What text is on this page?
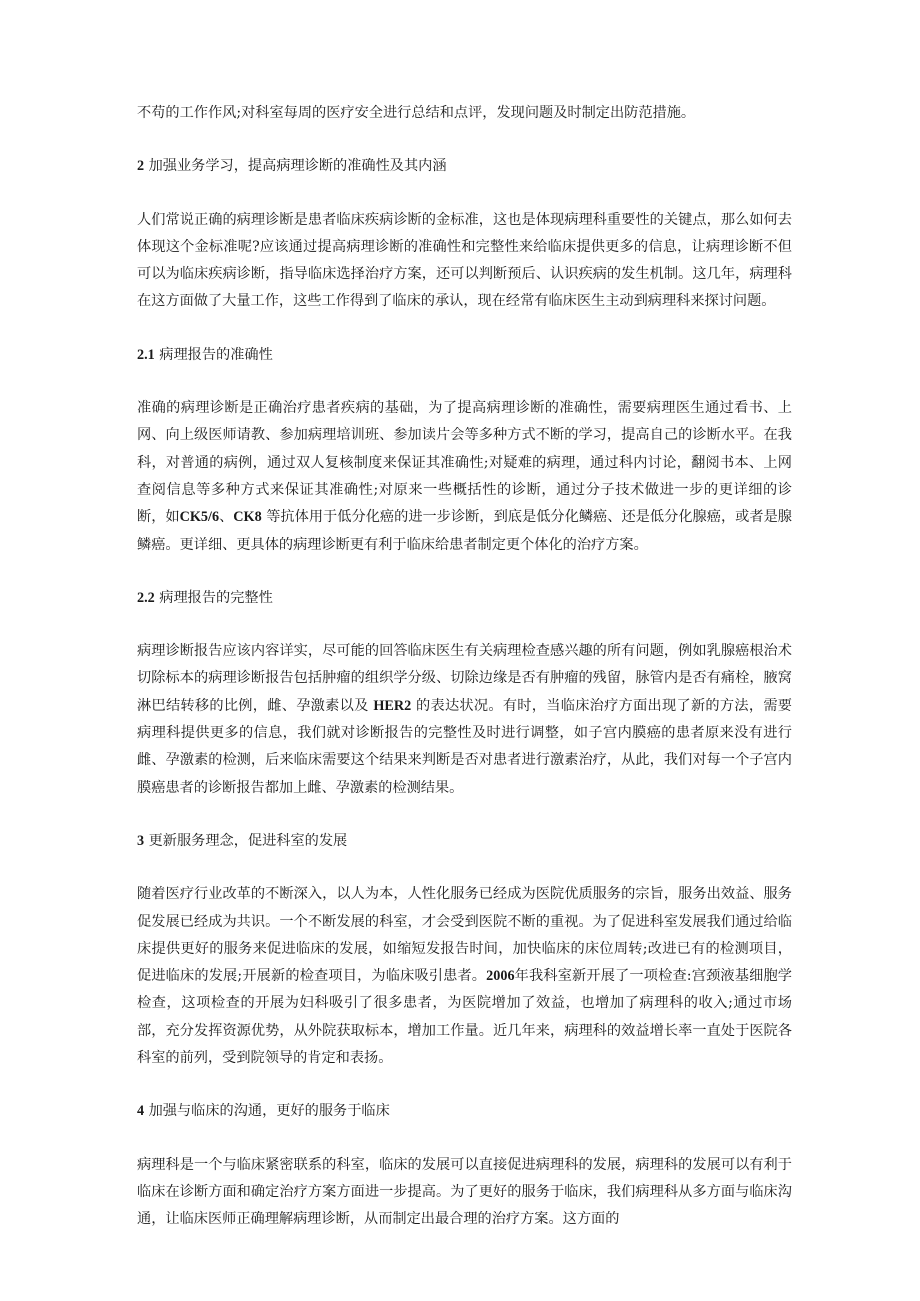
不苟的工作作风;对科室每周的医疗安全进行总结和点评，发现问题及时制定出防范措施。

2 加强业务学习，提高病理诊断的准确性及其内涵

人们常说正确的病理诊断是患者临床疾病诊断的金标准，这也是体现病理科重要性的关键点，那么如何去体现这个金标准呢?应该通过提高病理诊断的准确性和完整性来给临床提供更多的信息，让病理诊断不但可以为临床疾病诊断，指导临床选择治疗方案，还可以判断预后、认识疾病的发生机制。这几年，病理科在这方面做了大量工作，这些工作得到了临床的承认，现在经常有临床医生主动到病理科来探讨问题。

2.1 病理报告的准确性

准确的病理诊断是正确治疗患者疾病的基础，为了提高病理诊断的准确性，需要病理医生通过看书、上网、向上级医师请教、参加病理培训班、参加读片会等多种方式不断的学习，提高自己的诊断水平。在我科，对普通的病例，通过双人复核制度来保证其准确性;对疑难的病理，通过科内讨论，翻阅书本、上网查阅信息等多种方式来保证其准确性;对原来一些概括性的诊断，通过分子技术做进一步的更详细的诊断，如CK5/6、CK8 等抗体用于低分化癌的进一步诊断，到底是低分化鳞癌、还是低分化腺癌，或者是腺鳞癌。更详细、更具体的病理诊断更有利于临床给患者制定更个体化的治疗方案。

2.2 病理报告的完整性

病理诊断报告应该内容详实，尽可能的回答临床医生有关病理检查感兴趣的所有问题，例如乳腺癌根治术切除标本的病理诊断报告包括肿瘤的组织学分级、切除边缘是否有肿瘤的残留，脉管内是否有痛栓，腋窝淋巴结转移的比例，雌、孕激素以及 HER2 的表达状况。有时，当临床治疗方面出现了新的方法，需要病理科提供更多的信息，我们就对诊断报告的完整性及时进行调整，如子宫内膜癌的患者原来没有进行雌、孕激素的检测，后来临床需要这个结果来判断是否对患者进行激素治疗，从此，我们对每一个子宫内膜癌患者的诊断报告都加上雌、孕激素的检测结果。

3 更新服务理念，促进科室的发展

随着医疗行业改革的不断深入，以人为本，人性化服务已经成为医院优质服务的宗旨，服务出效益、服务促发展已经成为共识。一个不断发展的科室，才会受到医院不断的重视。为了促进科室发展我们通过给临床提供更好的服务来促进临床的发展，如缩短发报告时间，加快临床的床位周转;改进已有的检测项目，促进临床的发展;开展新的检查项目，为临床吸引患者。2006年我科室新开展了一项检查:宫颈液基细胞学检查，这项检查的开展为妇科吸引了很多患者，为医院增加了效益，也增加了病理科的收入;通过市场部，充分发挥资源优势，从外院获取标本，增加工作量。近几年来，病理科的效益增长率一直处于医院各科室的前列，受到院领导的肯定和表扬。

4 加强与临床的沟通，更好的服务于临床

病理科是一个与临床紧密联系的科室，临床的发展可以直接促进病理科的发展，病理科的发展可以有利于临床在诊断方面和确定治疗方案方面进一步提高。为了更好的服务于临床，我们病理科从多方面与临床沟通，让临床医师正确理解病理诊断，从而制定出最合理的治疗方案。这方面的
